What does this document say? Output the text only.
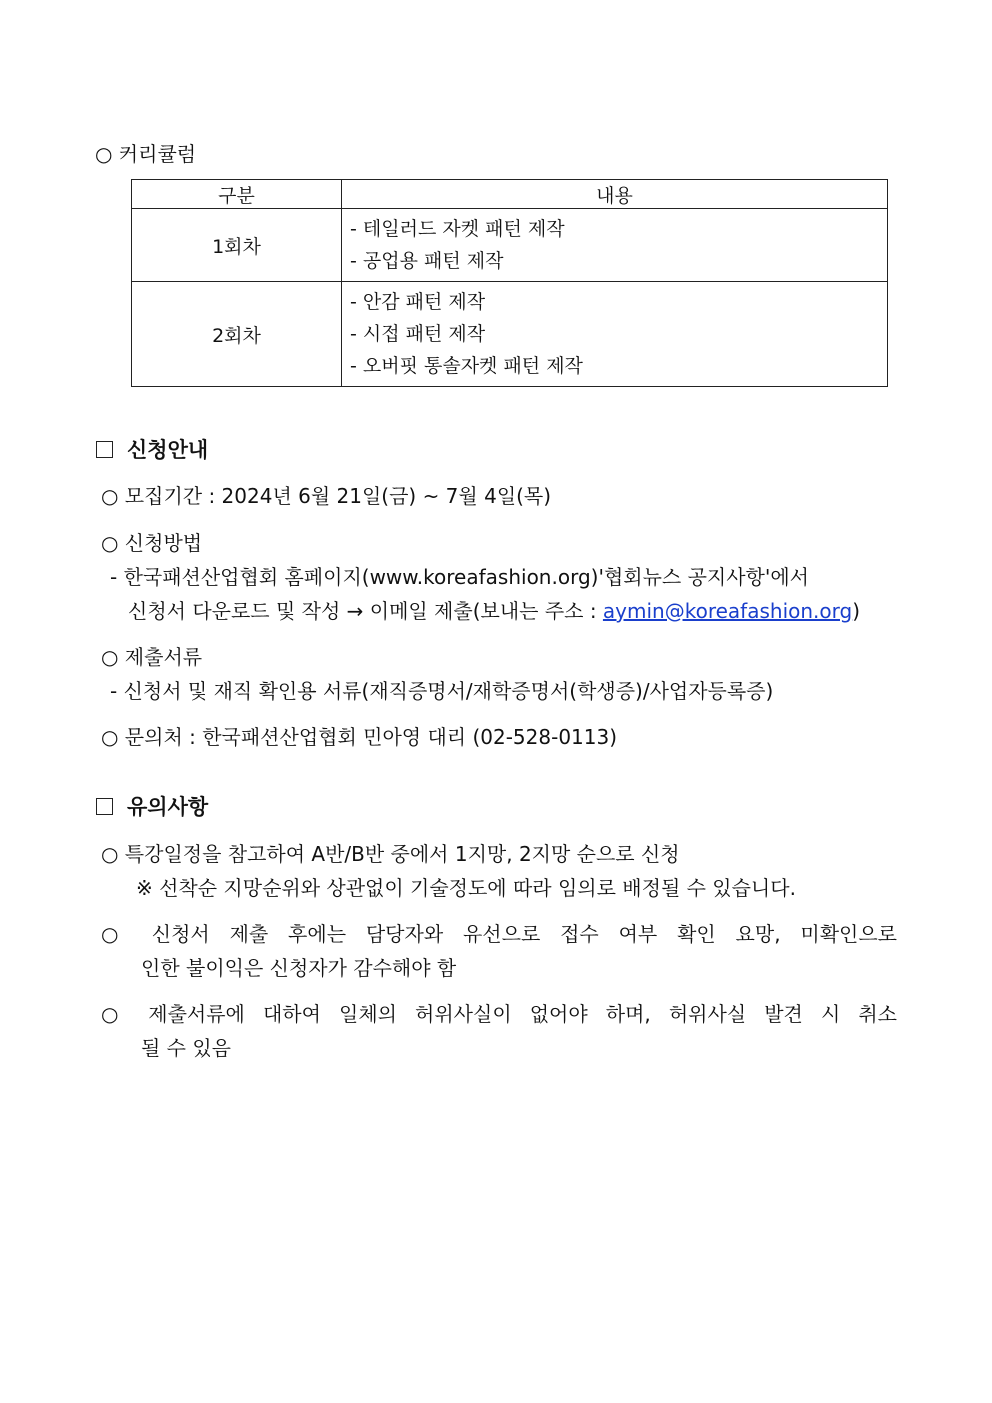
○ 커리큘럼
구분	내용
1회차	- 테일러드 자켓 패턴 제작
- 공업용 패턴 제작

2회차	- 안감 패턴 제작
- 시접 패턴 제작
- 오버핏 통솔자켓 패턴 제작
신청안내
○ 모집기간 : 2024년 6월 21일(금) ~ 7월 4일(목)
○ 신청방법
- 한국패션산업협회 홈페이지(www.koreafashion.org)'협회뉴스 공지사항'에서
신청서 다운로드 및 작성 → 이메일 제출(보내는 주소 : aymin@koreafashion.org)
○ 제출서류
- 신청서 및 재직 확인용 서류(재직증명서/재학증명서(학생증)/사업자등록증)
○ 문의처 : 한국패션산업협회 민아영 대리 (02-528-0113)
유의사항
○ 특강일정을 참고하여 A반/B반 중에서 1지망, 2지망 순으로 신청
※ 선착순 지망순위와 상관없이 기술정도에 따라 임의로 배정될 수 있습니다.
○ 신청서 제출 후에는 담당자와 유선으로 접수 여부 확인 요망, 미확인으로
인한 불이익은 신청자가 감수해야 함
○ 제출서류에 대하여 일체의 허위사실이 없어야 하며, 허위사실 발견 시 취소
될 수 있음
